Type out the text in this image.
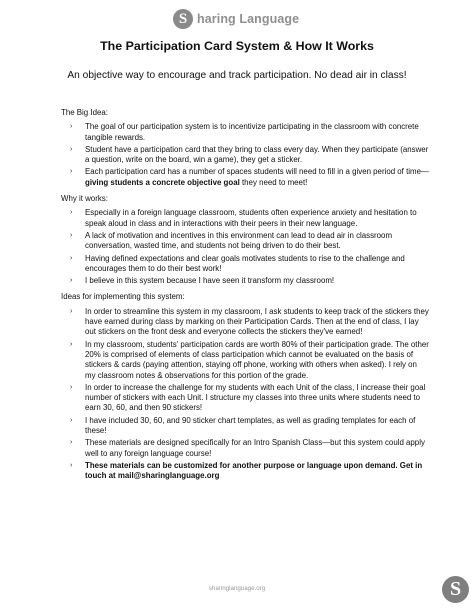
S haring Language
The Participation Card System & How It Works
An objective way to encourage and track participation. No dead air in class!
The Big Idea:
› The goal of our participation system is to incentivize participating in the classroom with concrete tangible rewards.
› Student have a participation card that they bring to class every day. When they participate (answer a question, write on the board, win a game), they get a sticker.
› Each participation card has a number of spaces students will need to fill in a given period of time—giving students a concrete objective goal they need to meet!
Why it works:
› Especially in a foreign language classroom, students often experience anxiety and hesitation to speak aloud in class and in interactions with their peers in their new language.
› A lack of motivation and incentives in this environment can lead to dead air in classroom conversation, wasted time, and students not being driven to do their best.
› Having defined expectations and clear goals motivates students to rise to the challenge and encourages them to do their best work!
› I believe in this system because I have seen it transform my classroom!
Ideas for implementing this system:
› In order to streamline this system in my classroom, I ask students to keep track of the stickers they have earned during class by marking on their Participation Cards. Then at the end of class, I lay out stickers on the front desk and everyone collects the stickers they've earned!
› In my classroom, students' participation cards are worth 80% of their participation grade. The other 20% is comprised of elements of class participation which cannot be evaluated on the basis of stickers & cards (paying attention, staying off phone, working with others when asked). I rely on my classroom notes & observations for this portion of the grade.
› In order to increase the challenge for my students with each Unit of the class, I increase their goal number of stickers with each Unit. I structure my classes into three units where students need to earn 30, 60, and then 90 stickers!
› I have included 30, 60, and 90 sticker chart templates, as well as grading templates for each of these!
› These materials are designed specifically for an Intro Spanish Class—but this system could apply well to any foreign language course!
› These materials can be customized for another purpose or language upon demand. Get in touch at mail@sharinglanguage.org
sharinglanguage.org	S
